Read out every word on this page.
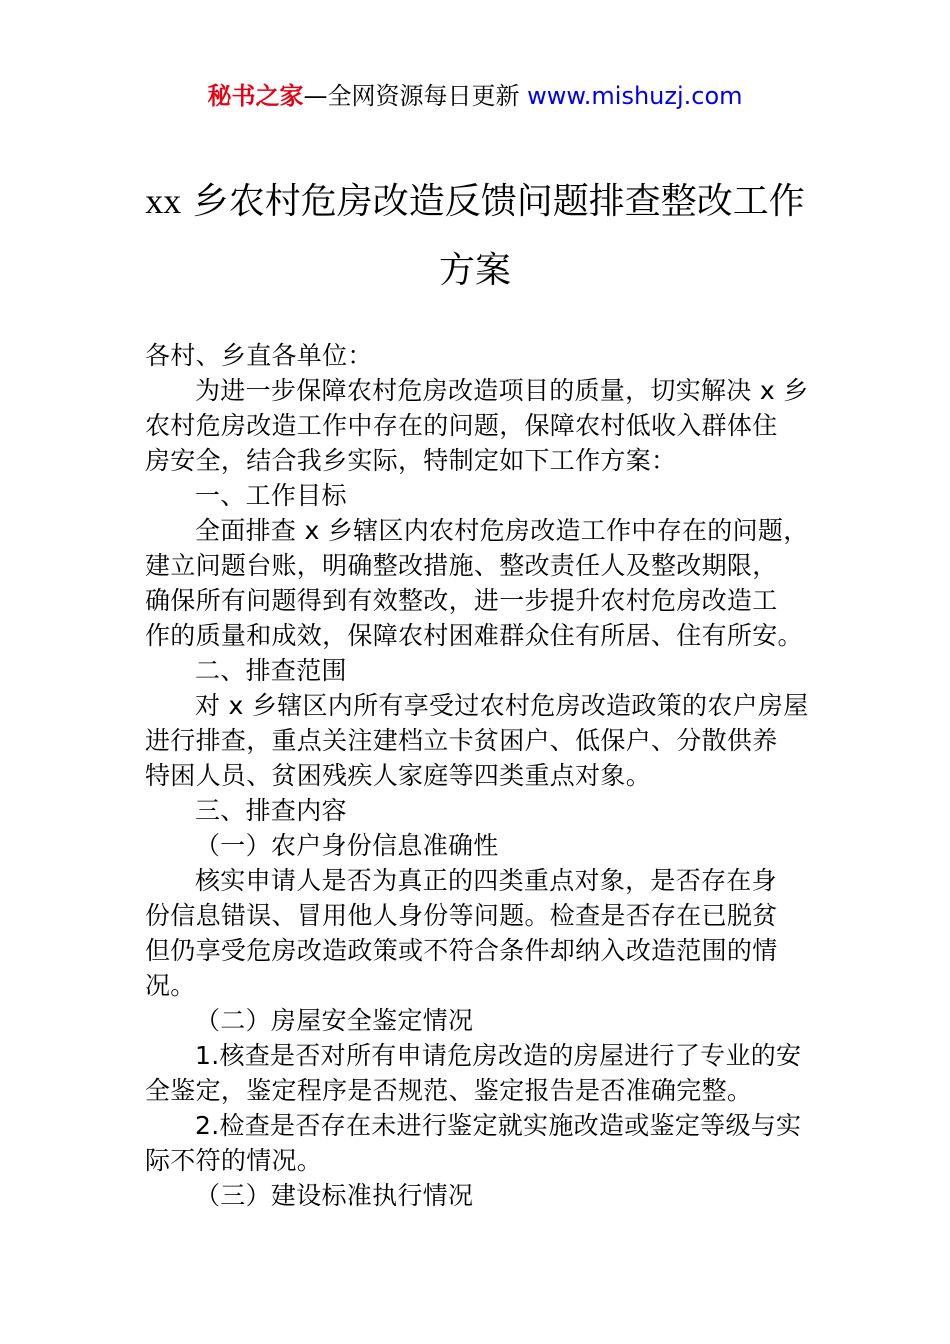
秘书之家—全网资源每日更新 www.mishuzj.com
xx 乡农村危房改造反馈问题排查整改工作
方案

各村、乡直各单位：

为进一步保障农村危房改造项目的质量，切实解决 x 乡

农村危房改造工作中存在的问题，保障农村低收入群体住

房安全，结合我乡实际，特制定如下工作方案：

一、工作目标

全面排查 x 乡辖区内农村危房改造工作中存在的问题，

建立问题台账，明确整改措施、整改责任人及整改期限，

确保所有问题得到有效整改，进一步提升农村危房改造工

作的质量和成效，保障农村困难群众住有所居、住有所安。

二、排查范围

对 x 乡辖区内所有享受过农村危房改造政策的农户房屋

进行排查，重点关注建档立卡贫困户、低保户、分散供养

特困人员、贫困残疾人家庭等四类重点对象。

三、排查内容

（一）农户身份信息准确性

核实申请人是否为真正的四类重点对象，是否存在身

份信息错误、冒用他人身份等问题。检查是否存在已脱贫

但仍享受危房改造政策或不符合条件却纳入改造范围的情

况。

（二）房屋安全鉴定情况

1.核查是否对所有申请危房改造的房屋进行了专业的安

全鉴定，鉴定程序是否规范、鉴定报告是否准确完整。

2.检查是否存在未进行鉴定就实施改造或鉴定等级与实

际不符的情况。

（三）建设标准执行情况
